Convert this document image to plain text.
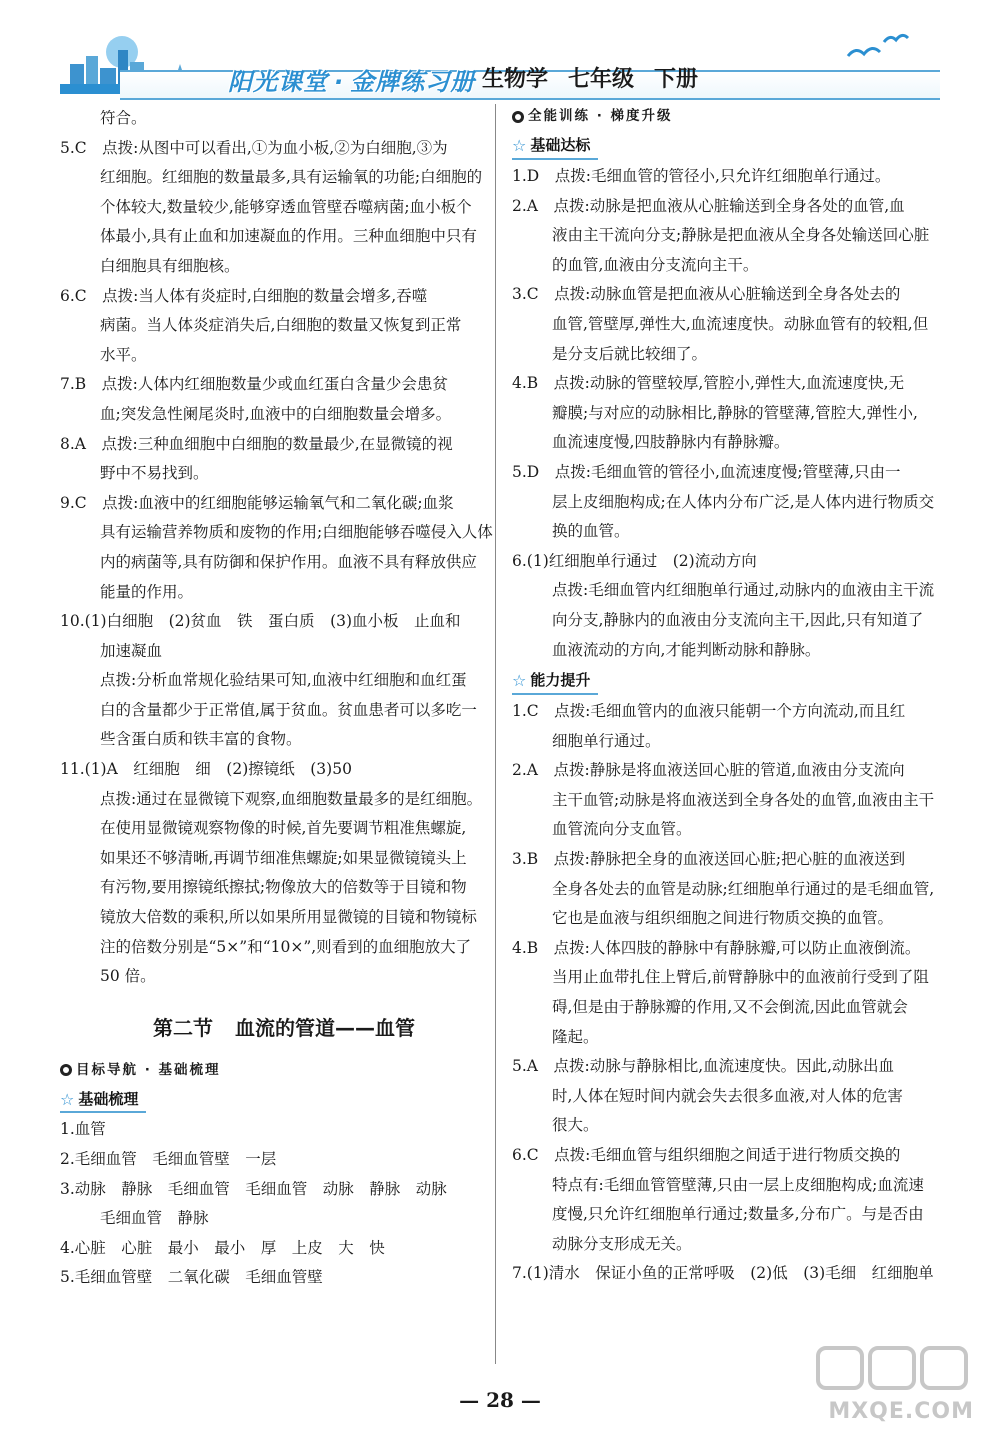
阳光课堂 · 金牌练习册 生物学 七年级 下册
符合。
5.C　点拨:从图中可以看出,①为血小板,②为白细胞,③为
红细胞。红细胞的数量最多,具有运输氧的功能;白细胞的
个体较大,数量较少,能够穿透血管壁吞噬病菌;血小板个
体最小,具有止血和加速凝血的作用。三种血细胞中只有
白细胞具有细胞核。
6.C　点拨:当人体有炎症时,白细胞的数量会增多,吞噬
病菌。当人体炎症消失后,白细胞的数量又恢复到正常
水平。
7.B　点拨:人体内红细胞数量少或血红蛋白含量少会患贫
血;突发急性阑尾炎时,血液中的白细胞数量会增多。
8.A　点拨:三种血细胞中白细胞的数量最少,在显微镜的视
野中不易找到。
9.C　点拨:血液中的红细胞能够运输氧气和二氧化碳;血浆
具有运输营养物质和废物的作用;白细胞能够吞噬侵入人体
内的病菌等,具有防御和保护作用。血液不具有释放供应
能量的作用。
10.(1)白细胞　(2)贫血　铁　蛋白质　(3)血小板　止血和
加速凝血
点拨:分析血常规化验结果可知,血液中红细胞和血红蛋
白的含量都少于正常值,属于贫血。贫血患者可以多吃一
些含蛋白质和铁丰富的食物。
11.(1)A　红细胞　细　(2)擦镜纸　(3)50
点拨:通过在显微镜下观察,血细胞数量最多的是红细胞。
在使用显微镜观察物像的时候,首先要调节粗准焦螺旋,
如果还不够清晰,再调节细准焦螺旋;如果显微镜镜头上
有污物,要用擦镜纸擦拭;物像放大的倍数等于目镜和物
镜放大倍数的乘积,所以如果所用显微镜的目镜和物镜标
注的倍数分别是“5×”和“10×”,则看到的血细胞放大了
50 倍。
第二节 血流的管道——血管
目标导航 · 基础梳理
☆ 基础梳理
1.血管
2.毛细血管　毛细血管壁　一层
3.动脉　静脉　毛细血管　毛细血管　动脉　静脉　动脉
毛细血管　静脉
4.心脏　心脏　最小　最小　厚　上皮　大　快
5.毛细血管壁　二氧化碳　毛细血管壁
全能训练 · 梯度升级
☆ 基础达标
1.D　点拨:毛细血管的管径小,只允许红细胞单行通过。
2.A　点拨:动脉是把血液从心脏输送到全身各处的血管,血
液由主干流向分支;静脉是把血液从全身各处输送回心脏
的血管,血液由分支流向主干。
3.C　点拨:动脉血管是把血液从心脏输送到全身各处去的
血管,管壁厚,弹性大,血流速度快。动脉血管有的较粗,但
是分支后就比较细了。
4.B　点拨:动脉的管壁较厚,管腔小,弹性大,血流速度快,无
瓣膜;与对应的动脉相比,静脉的管壁薄,管腔大,弹性小,
血流速度慢,四肢静脉内有静脉瓣。
5.D　点拨:毛细血管的管径小,血流速度慢;管壁薄,只由一
层上皮细胞构成;在人体内分布广泛,是人体内进行物质交
换的血管。
6.(1)红细胞单行通过　(2)流动方向
点拨:毛细血管内红细胞单行通过,动脉内的血液由主干流
向分支,静脉内的血液由分支流向主干,因此,只有知道了
血液流动的方向,才能判断动脉和静脉。
☆ 能力提升
1.C　点拨:毛细血管内的血液只能朝一个方向流动,而且红
细胞单行通过。
2.A　点拨:静脉是将血液送回心脏的管道,血液由分支流向
主干血管;动脉是将血液送到全身各处的血管,血液由主干
血管流向分支血管。
3.B　点拨:静脉把全身的血液送回心脏;把心脏的血液送到
全身各处去的血管是动脉;红细胞单行通过的是毛细血管,
它也是血液与组织细胞之间进行物质交换的血管。
4.B　点拨:人体四肢的静脉中有静脉瓣,可以防止血液倒流。
当用止血带扎住上臂后,前臂静脉中的血液前行受到了阻
碍,但是由于静脉瓣的作用,又不会倒流,因此血管就会
隆起。
5.A　点拨:动脉与静脉相比,血流速度快。因此,动脉出血
时,人体在短时间内就会失去很多血液,对人体的危害
很大。
6.C　点拨:毛细血管与组织细胞之间适于进行物质交换的
特点有:毛细血管管壁薄,只由一层上皮细胞构成;血流速
度慢,只允许红细胞单行通过;数量多,分布广。与是否由
动脉分支形成无关。
7.(1)清水　保证小鱼的正常呼吸　(2)低　(3)毛细　红细胞单
— 28 —	MXQE.COM
